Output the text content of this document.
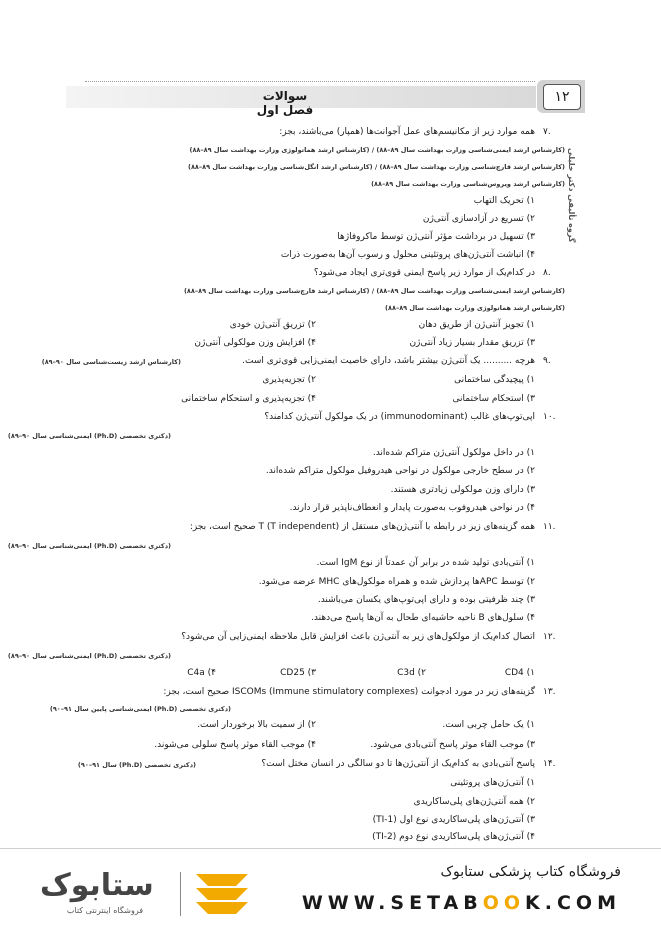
سوالات فصل اول
۱۲
گروه تألیفی دکتر خلیلی
۷.
همه موارد زیر از مکانیسم‌های عمل آجوانت‌ها (همپار) می‌باشند، بجز:
(کارشناس ارشد ایمنی‌شناسی وزارت بهداشت سال ۸۹–۸۸) / (کارشناس ارشد هماتولوژی وزارت بهداشت سال ۸۹–۸۸)
(کارشناس ارشد قارچ‌شناسی وزارت بهداشت سال ۸۹–۸۸) / (کارشناس ارشد انگل‌شناسی وزارت بهداشت سال ۸۹–۸۸)
(کارشناس ارشد ویروس‌شناسی وزارت بهداشت سال ۸۹–۸۸)
۱) تحریک التهاب
۲) تسریع در آزادسازی آنتی‌ژن
۳) تسهیل در برداشت مؤثر آنتی‌ژن توسط ماکروفاژها
۴) انباشت آنتی‌ژن‌های پروتئینی محلول و رسوب آن‌ها به‌صورت ذرات
۸.
در کدام‌یک از موارد زیر پاسخ ایمنی قوی‌تری ایجاد می‌شود؟
(کارشناس ارشد ایمنی‌شناسی وزارت بهداشت سال ۸۹–۸۸) / (کارشناس ارشد قارچ‌شناسی وزارت بهداشت سال ۸۹–۸۸)
(کارشناس ارشد هماتولوژی وزارت بهداشت سال ۸۹–۸۸)
۱) تجویز آنتی‌ژن از طریق دهان
۲) تزریق آنتی‌ژن خودی
۳) تزریق مقدار بسیار زیاد آنتی‌ژن
۴) افزایش وزن مولکولی آنتی‌ژن
۹.
هرچه .......... یک آنتی‌ژن بیشتر باشد، دارای خاصیت ایمنی‌زایی قوی‌تری است.
(کارشناس ارشد زیست‌شناسی سال ۹۰–۸۹)
۱) پیچیدگی ساختمانی
۲) تجزیه‌پذیری
۳) استحکام ساختمانی
۴) تجزیه‌پذیری و استحکام ساختمانی
۱۰.
اپی‌توپ‌های غالب (immunodominant) در یک مولکول آنتی‌ژن کدامند؟
(دکتری تخصصی (Ph.D) ایمنی‌شناسی سال ۹۰–۸۹)
۱) در داخل مولکول آنتی‌ژن متراکم شده‌اند.
۲) در سطح خارجی مولکول در نواحی هیدروفیل مولکول متراکم شده‌اند.
۳) دارای وزن مولکولی زیادتری هستند.
۴) در نواحی هیدروفوب به‌صورت پایدار و انعطاف‌ناپذیر قرار دارند.
۱۱.
همه گزینه‌های زیر در رابطه با آنتی‌ژن‌های مستقل از T (T independent) صحیح است، بجز:
(دکتری تخصصی (Ph.D) ایمنی‌شناسی سال ۹۰–۸۹)
۱) آنتی‌بادی تولید شده در برابر آن عمدتاً از نوع IgM است.
۲) توسط APCها پردازش شده و همراه مولکول‌های MHC عرضه می‌شود.
۳) چند ظرفیتی بوده و دارای اپی‌توپ‌های یکسان می‌باشند.
۴) سلول‌های B ناحیه حاشیه‌ای طحال به آن‌ها پاسخ می‌دهند.
۱۲.
اتصال کدام‌یک از مولکول‌های زیر به آنتی‌ژن باعث افزایش قابل ملاحظه ایمنی‌زایی آن می‌شود؟
(دکتری تخصصی (Ph.D) ایمنی‌شناسی سال ۹۰–۸۹)
CD4 (۱
C3d (۲
CD25 (۳
C4a (۴
۱۳.
گزینه‌های زیر در مورد ادجوانت ISCOMs (Immune stimulatory complexes) صحیح است، بجز:
(دکتری تخصصی (Ph.D) ایمنی‌شناسی پایین سال ۹۱–۹۰)
۱) یک حامل چربی است.
۲) از سمیت بالا برخوردار است.
۳) موجب القاء موثر پاسخ آنتی‌بادی می‌شود.
۴) موجب القاء موثر پاسخ سلولی می‌شوند.
۱۴.
پاسخ آنتی‌بادی به کدام‌یک از آنتی‌ژن‌ها تا دو سالگی در انسان مختل است؟
(دکتری تخصصی (Ph.D) سال ۹۱–۹۰)
۱) آنتی‌ژن‌های پروتئینی
۲) همه آنتی‌ژن‌های پلی‌ساکاریدی
۳) آنتی‌ژن‌های پلی‌ساکاریدی نوع اول (TI-1)
۴) آنتی‌ژن‌های پلی‌ساکاریدی نوع دوم (TI-2)
فروشگاه کتاب پزشکی ستابوک
WWW.SETABOOK.COM
ستابوک
فروشگاه اینترنتی کتاب
